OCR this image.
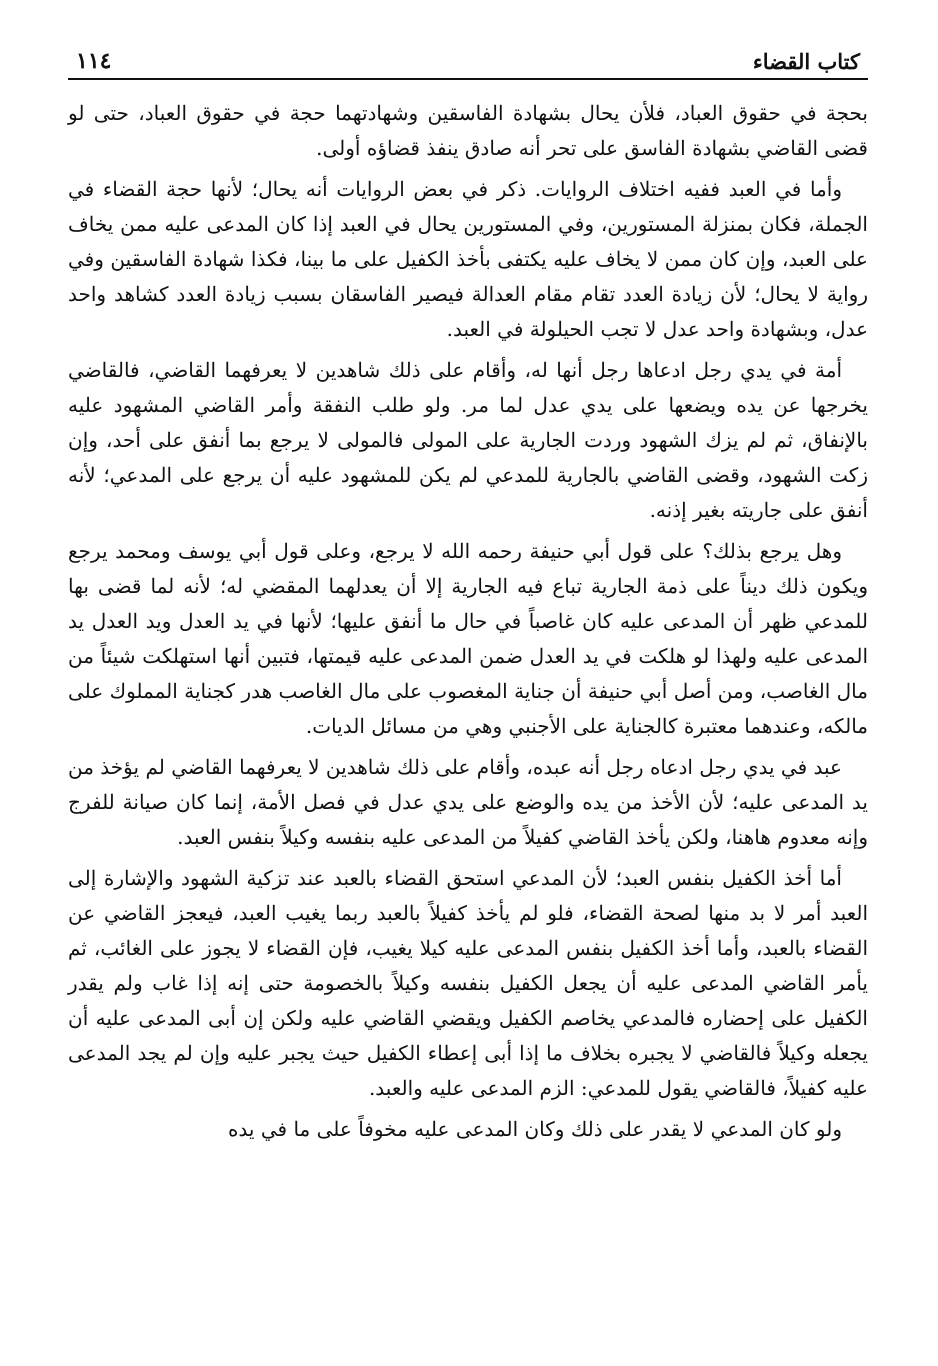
كتاب القضاء
١١٤

بحجة في حقوق العباد، فلأن يحال بشهادة الفاسقين وشهادتهما حجة في حقوق العباد، حتى لو قضى القاضي بشهادة الفاسق على تحر أنه صادق ينفذ قضاؤه أولى.

وأما في العبد ففيه اختلاف الروايات. ذكر في بعض الروايات أنه يحال؛ لأنها حجة القضاء في الجملة، فكان بمنزلة المستورين، وفي المستورين يحال في العبد إذا كان المدعى عليه ممن يخاف على العبد، وإن كان ممن لا يخاف عليه يكتفى بأخذ الكفيل على ما بينا، فكذا شهادة الفاسقين وفي رواية لا يحال؛ لأن زيادة العدد تقام مقام العدالة فيصير الفاسقان بسبب زيادة العدد كشاهد واحد عدل، وبشهادة واحد عدل لا تجب الحيلولة في العبد.

أمة في يدي رجل ادعاها رجل أنها له، وأقام على ذلك شاهدين لا يعرفهما القاضي، فالقاضي يخرجها عن يده ويضعها على يدي عدل لما مر. ولو طلب النفقة وأمر القاضي المشهود عليه بالإنفاق، ثم لم يزك الشهود وردت الجارية على المولى فالمولى لا يرجع بما أنفق على أحد، وإن زكت الشهود، وقضى القاضي بالجارية للمدعي لم يكن للمشهود عليه أن يرجع على المدعي؛ لأنه أنفق على جاريته بغير إذنه.

وهل يرجع بذلك؟ على قول أبي حنيفة رحمه الله لا يرجع، وعلى قول أبي يوسف ومحمد يرجع ويكون ذلك ديناً على ذمة الجارية تباع فيه الجارية إلا أن يعدلهما المقضي له؛ لأنه لما قضى بها للمدعي ظهر أن المدعى عليه كان غاصباً في حال ما أنفق عليها؛ لأنها في يد العدل ويد العدل يد المدعى عليه ولهذا لو هلكت في يد العدل ضمن المدعى عليه قيمتها، فتبين أنها استهلكت شيئاً من مال الغاصب، ومن أصل أبي حنيفة أن جناية المغصوب على مال الغاصب هدر كجناية المملوك على مالكه، وعندهما معتبرة كالجناية على الأجنبي وهي من مسائل الديات.

عبد في يدي رجل ادعاه رجل أنه عبده، وأقام على ذلك شاهدين لا يعرفهما القاضي لم يؤخذ من يد المدعى عليه؛ لأن الأخذ من يده والوضع على يدي عدل في فصل الأمة، إنما كان صيانة للفرج وإنه معدوم هاهنا، ولكن يأخذ القاضي كفيلاً من المدعى عليه بنفسه وكيلاً بنفس العبد.

أما أخذ الكفيل بنفس العبد؛ لأن المدعي استحق القضاء بالعبد عند تزكية الشهود والإشارة إلى العبد أمر لا بد منها لصحة القضاء، فلو لم يأخذ كفيلاً بالعبد ربما يغيب العبد، فيعجز القاضي عن القضاء بالعبد، وأما أخذ الكفيل بنفس المدعى عليه كيلا يغيب، فإن القضاء لا يجوز على الغائب، ثم يأمر القاضي المدعى عليه أن يجعل الكفيل بنفسه وكيلاً بالخصومة حتى إنه إذا غاب ولم يقدر الكفيل على إحضاره فالمدعي يخاصم الكفيل ويقضي القاضي عليه ولكن إن أبى المدعى عليه أن يجعله وكيلاً فالقاضي لا يجبره بخلاف ما إذا أبى إعطاء الكفيل حيث يجبر عليه وإن لم يجد المدعى عليه كفيلاً، فالقاضي يقول للمدعي: الزم المدعى عليه والعبد.

ولو كان المدعي لا يقدر على ذلك وكان المدعى عليه مخوفاً على ما في يده
